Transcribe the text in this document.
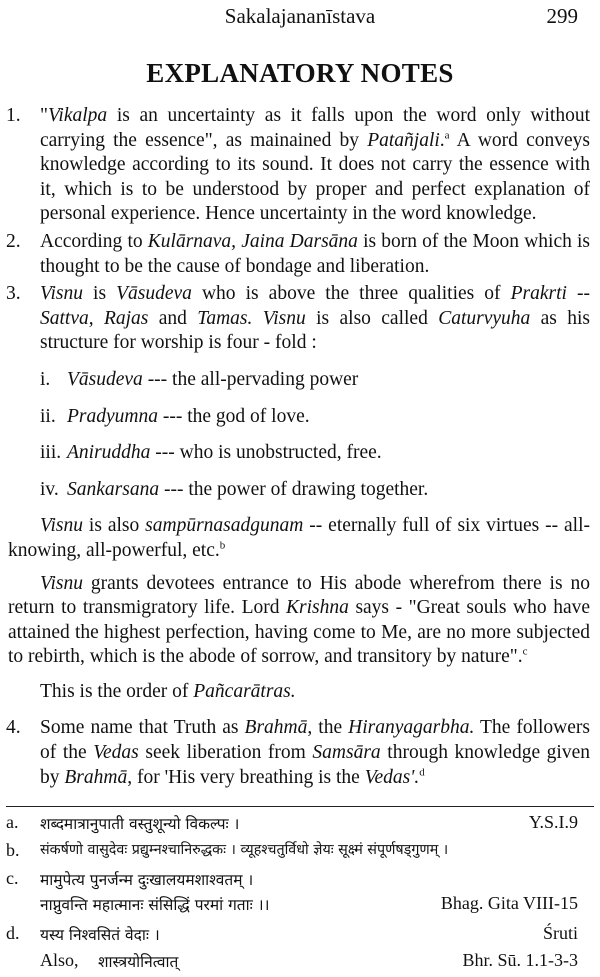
Sakalajananīstava	299
EXPLANATORY NOTES
1. "Vikalpa is an uncertainty as it falls upon the word only without carrying the essence", as mainained by Patañjali.$^a$ A word conveys knowledge according to its sound. It does not carry the essence with it, which is to be understood by proper and perfect explanation of personal experience. Hence uncertainty in the word knowledge.
2. According to Kulārnava, Jaina Darsāna is born of the Moon which is thought to be the cause of bondage and liberation.
3. Visnu is Vāsudeva who is above the three qualities of Prakrti -- Sattva, Rajas and Tamas. Visnu is also called Caturvyuha as his structure for worship is four - fold :
i. Vāsudeva --- the all-pervading power
ii. Pradyumna --- the god of love.
iii. Aniruddha --- who is unobstructed, free.
iv. Sankarsana --- the power of drawing together.
Visnu is also sampūrnasadgunam -- eternally full of six virtues -- all-knowing, all-powerful, etc.$^b$
Visnu grants devotees entrance to His abode wherefrom there is no return to transmigratory life. Lord Krishna says - "Great souls who have attained the highest perfection, having come to Me, are no more subjected to rebirth, which is the abode of sorrow, and transitory by nature".$^c$
This is the order of Pañcarātras.
4. Some name that Truth as Brahmā, the Hiranyagarbha. The followers of the Vedas seek liberation from Samsāra through knowledge given by Brahmā, for 'His very breathing is the Vedas'.$^d$
a. शब्दमात्रानुपाती वस्तुशून्यो विकल्पः ।	Y.S.I.9
b. संकर्षणो वासुदेवः प्रद्युम्नश्चानिरुद्धकः । व्यूहश्चतुर्विधो ज्ञेयः सूक्ष्मं संपूर्णषड्गुणम् ।
c. मामुपेत्य पुनर्जन्म दुःखालयमशाश्वतम् ।
नाप्नुवन्ति महात्मानः संसिद्धिं परमां गताः ।।	Bhag. Gita VIII-15
d. यस्य निश्वसितं वेदाः ।	Śruti
Also, शास्त्रयोनित्वात्	Bhr. Sū. 1.1-3-3
